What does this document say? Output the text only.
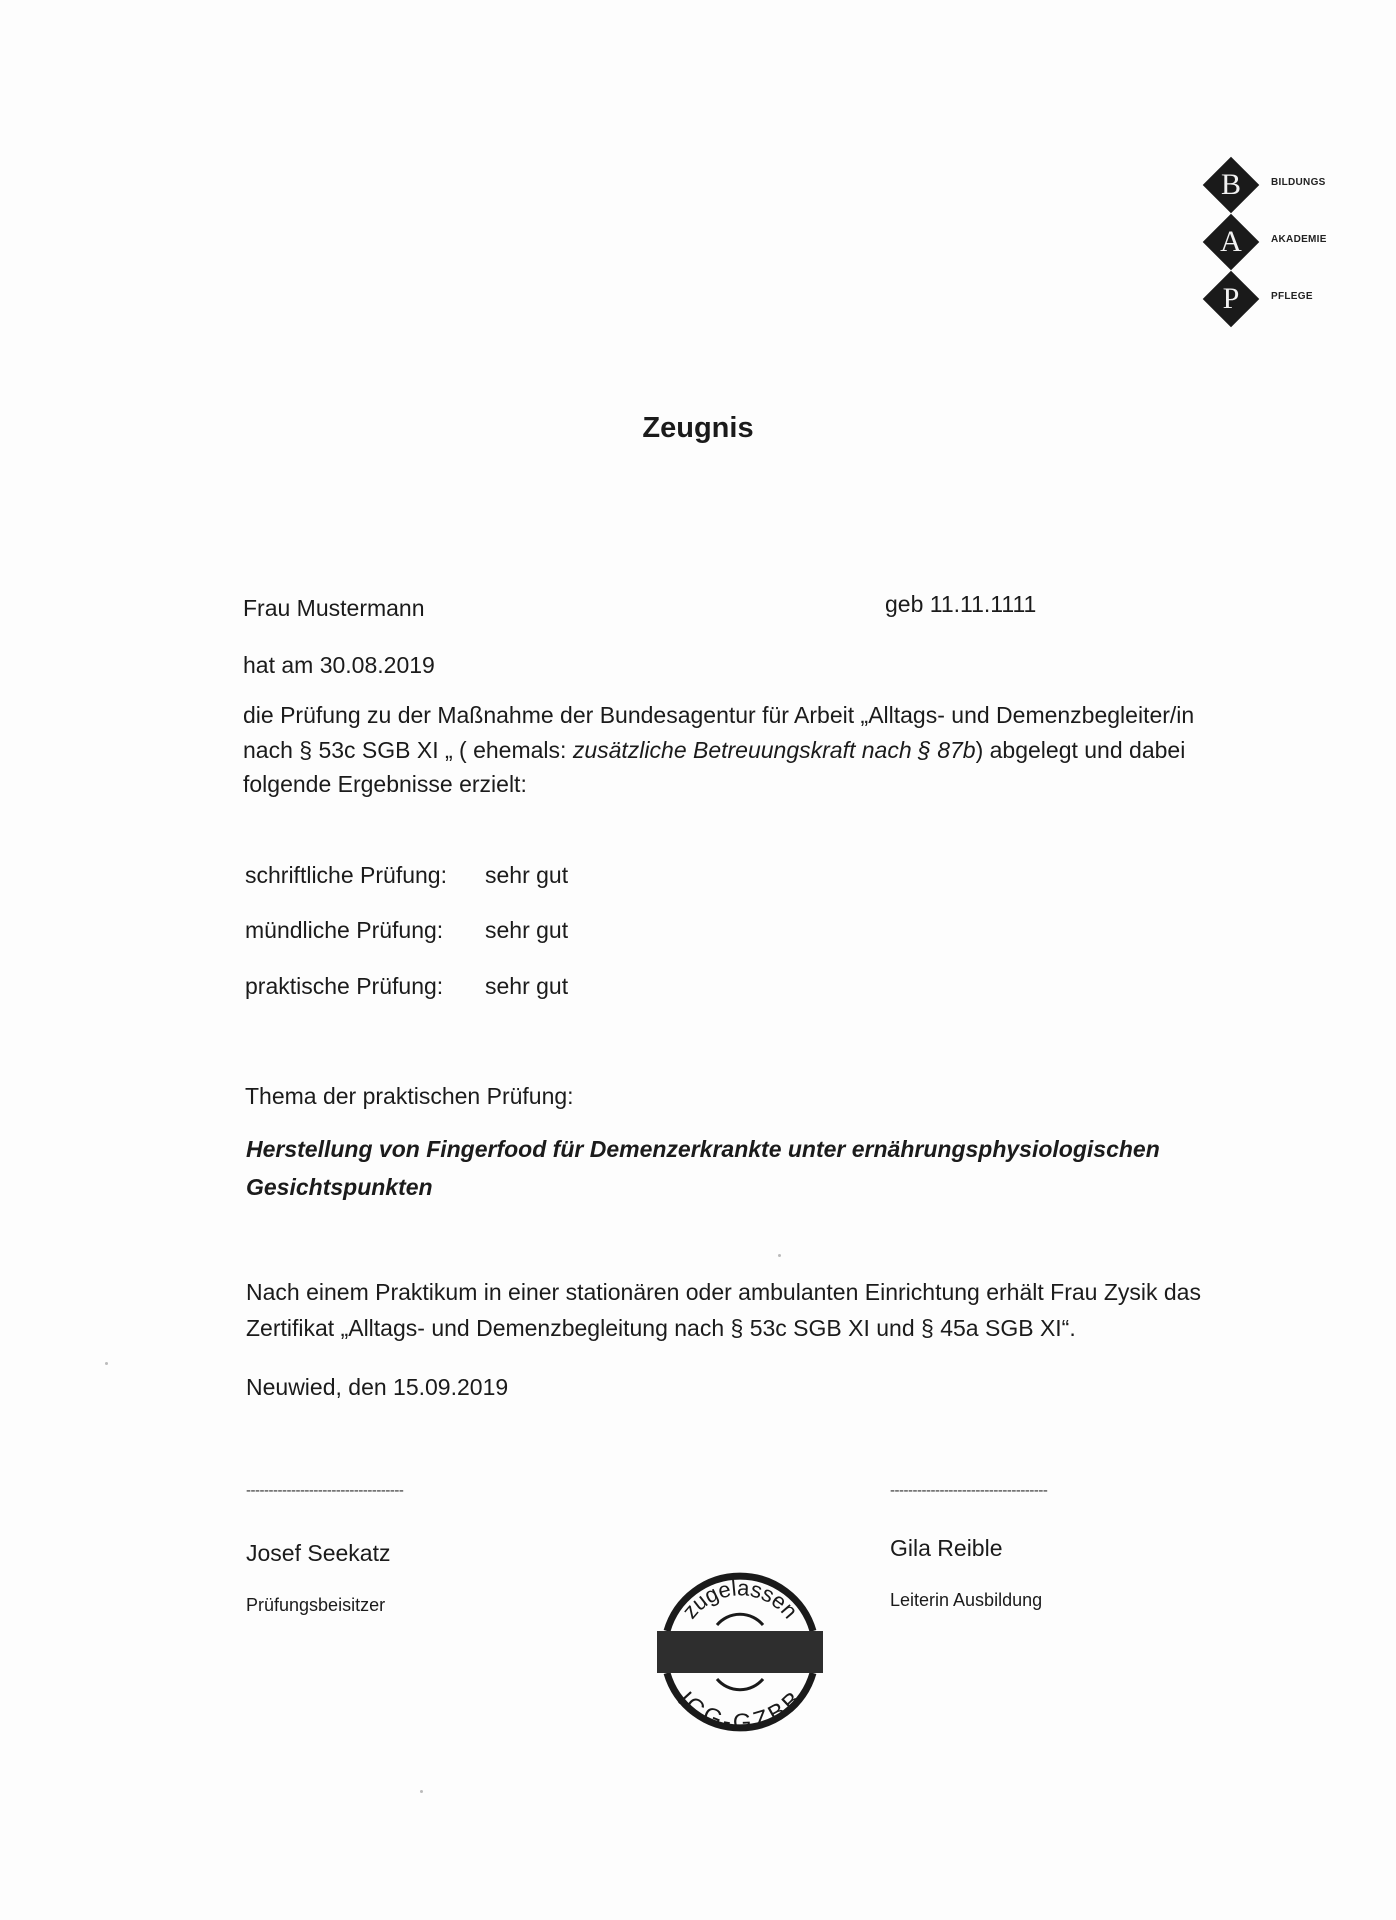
B	BILDUNGS
A	AKADEMIE
P	PFLEGE
Zeugnis
Frau Mustermann	geb 11.11.1111
hat am 30.08.2019
die Prüfung zu der Maßnahme der Bundesagentur für Arbeit „Alltags- und Demenzbegleiter/in nach § 53c SGB XI „ ( ehemals: zusätzliche Betreuungskraft nach § 87b) abgelegt und dabei folgende Ergebnisse erzielt:
schriftliche Prüfung: sehr gut
mündliche Prüfung: sehr gut
praktische Prüfung: sehr gut
Thema der praktischen Prüfung:
Herstellung von Fingerfood für Demenzerkrankte unter ernährungsphysiologischen Gesichtspunkten
Nach einem Praktikum in einer stationären oder ambulanten Einrichtung erhält Frau Zysik das Zertifikat „Alltags- und Demenzbegleitung nach § 53c SGB XI und § 45a SGB XI“.
Neuwied, den 15.09.2019
-----------------------------------	-----------------------------------
Josef Seekatz
Prüfungsbeisitzer
Gila Reible
Leiterin Ausbildung
zugelassen
ICG-GZBB
